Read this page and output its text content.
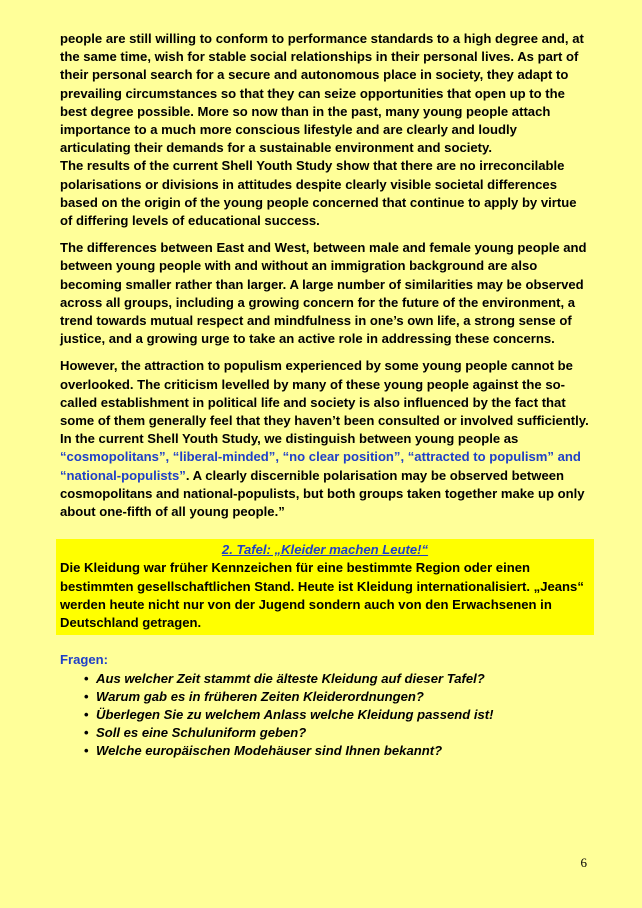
people are still willing to conform to performance standards to a high degree and, at the same time, wish for stable social relationships in their personal lives. As part of their personal search for a secure and autonomous place in society, they adapt to prevailing circumstances so that they can seize opportunities that open up to the best degree possible. More so now than in the past, many young people attach importance to a much more conscious lifestyle and are clearly and loudly articulating their demands for a sustainable environment and society.

The results of the current Shell Youth Study show that there are no irreconcilable polarisations or divisions in attitudes despite clearly visible societal differences based on the origin of the young people concerned that continue to apply by virtue of differing levels of educational success.

The differences between East and West, between male and female young people and between young people with and without an immigration background are also becoming smaller rather than larger. A large number of similarities may be observed across all groups, including a growing concern for the future of the environment, a trend towards mutual respect and mindfulness in one’s own life, a strong sense of justice, and a growing urge to take an active role in addressing these concerns.

However, the attraction to populism experienced by some young people cannot be overlooked. The criticism levelled by many of these young people against the so-called establishment in political life and society is also influenced by the fact that some of them generally feel that they haven’t been consulted or involved sufficiently. In the current Shell Youth Study, we distinguish between young people as “cosmopolitans”, “liberal-minded”, “no clear position”, “attracted to populism” and “national-populists”. A clearly discernible polarisation may be observed between cosmopolitans and national-populists, but both groups taken together make up only about one-fifth of all young people.”

2. Tafel: „Kleider machen Leute!“

Die Kleidung war früher Kennzeichen für eine bestimmte Region oder einen bestimmten gesellschaftlichen Stand. Heute ist Kleidung internationalisiert. „Jeans“ werden heute nicht nur von der Jugend sondern auch von den Erwachsenen in Deutschland getragen.

Fragen:

• Aus welcher Zeit stammt die älteste Kleidung auf dieser Tafel?
• Warum gab es in früheren Zeiten Kleiderordnungen?
• Überlegen Sie zu welchem Anlass welche Kleidung passend ist!
• Soll es eine Schuluniform geben?
• Welche europäischen Modehäuser sind Ihnen bekannt?
6
